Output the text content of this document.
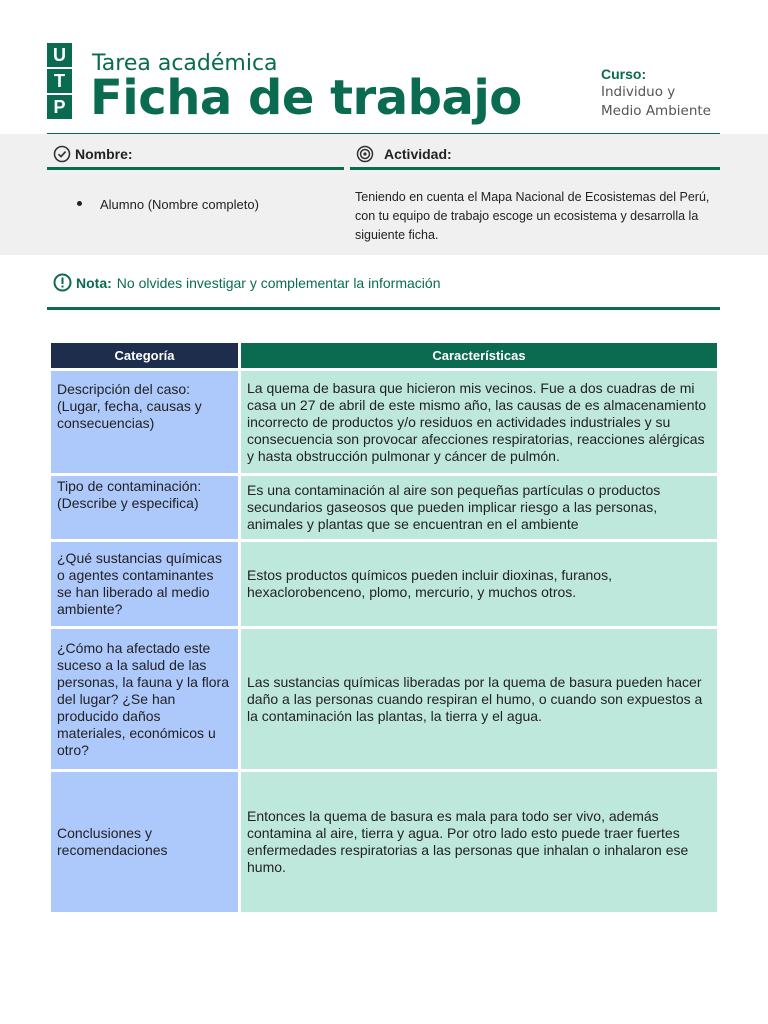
U
T
P
Tarea académica
Ficha de trabajo	Curso:
Individuo y
Medio Ambiente
Nombre:	Actividad:
Alumno (Nombre completo)	Teniendo en cuenta el Mapa Nacional de Ecosistemas del Perú, con tu equipo de trabajo escoge un ecosistema y desarrolla la siguiente ficha.
Nota: No olvides investigar y complementar la información
Categoría	Características
Descripción del caso: (Lugar, fecha, causas y consecuencias)	La quema de basura que hicieron mis vecinos. Fue a dos cuadras de mi casa un 27 de abril de este mismo año, las causas de es almacenamiento incorrecto de productos y/o residuos en actividades industriales y su consecuencia son provocar afecciones respiratorias, reacciones alérgicas y hasta obstrucción pulmonar y cáncer de pulmón.
Tipo de contaminación: (Describe y especifica)	Es una contaminación al aire son pequeñas partículas o productos secundarios gaseosos que pueden implicar riesgo a las personas, animales y plantas que se encuentran en el ambiente
¿Qué sustancias químicas o agentes contaminantes se han liberado al medio ambiente?	Estos productos químicos pueden incluir dioxinas, furanos, hexaclorobenceno, plomo, mercurio, y muchos otros.
¿Cómo ha afectado este suceso a la salud de las personas, la fauna y la flora del lugar? ¿Se han producido daños materiales, económicos u otro?	Las sustancias químicas liberadas por la quema de basura pueden hacer daño a las personas cuando respiran el humo, o cuando son expuestos a la contaminación las plantas, la tierra y el agua.
Conclusiones y recomendaciones	Entonces la quema de basura es mala para todo ser vivo, además contamina al aire, tierra y agua. Por otro lado esto puede traer fuertes enfermedades respiratorias a las personas que inhalan o inhalaron ese humo.
